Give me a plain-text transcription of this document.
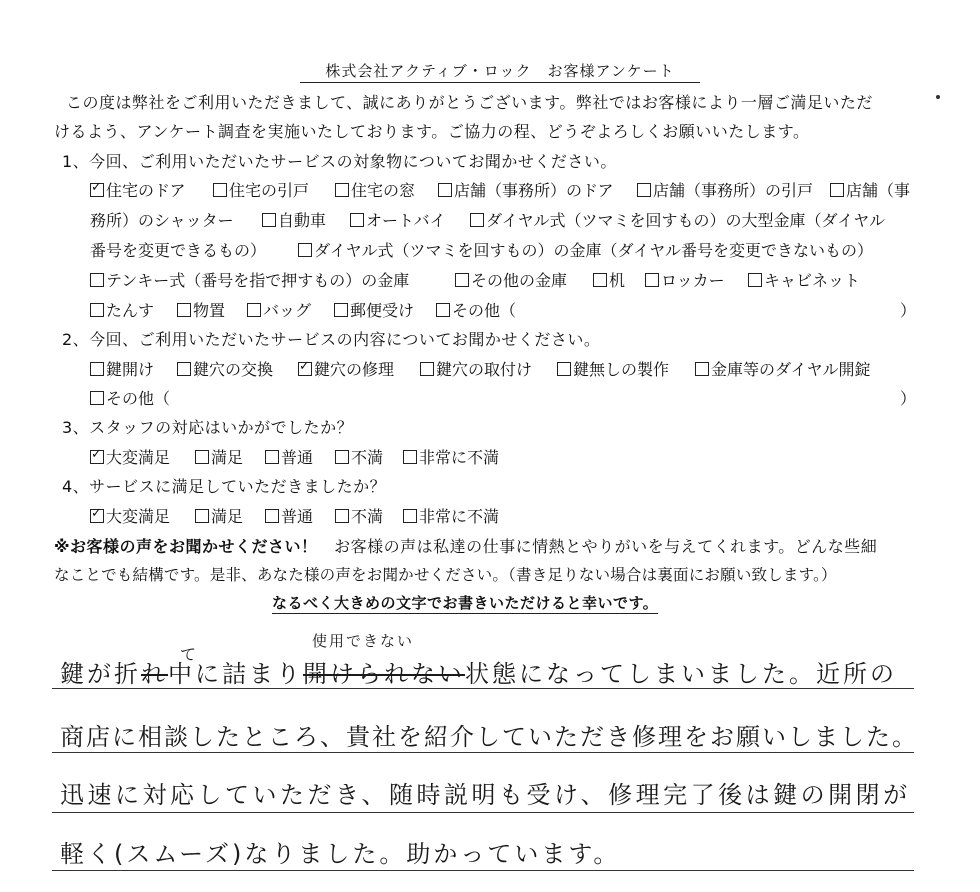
株式会社アクティブ・ロック　お客様アンケート
この度は弊社をご利用いただきまして、誠にありがとうございます。弊社ではお客様により一層ご満足いただ
けるよう、アンケート調査を実施いたしております。ご協力の程、どうぞよろしくお願いいたします。
1、今回、ご利用いただいたサービスの対象物についてお聞かせください。
✓住宅のドア	住宅の引戸	住宅の窓	店舗（事務所）のドア	店舗（事務所）の引戸	店舗（事
務所）のシャッター	自動車	オートバイ	ダイヤル式（ツマミを回すもの）の大型金庫（ダイヤル
番号を変更できるもの）	ダイヤル式（ツマミを回すもの）の金庫（ダイヤル番号を変更できないもの）
テンキー式（番号を指で押すもの）の金庫	その他の金庫	机	ロッカー	キャビネット
たんす	物置	バッグ	郵便受け	その他（	）
2、今回、ご利用いただいたサービスの内容についてお聞かせください。
鍵開け	鍵穴の交換
✓	鍵穴の修理	鍵穴の取付け	鍵無しの製作	金庫等のダイヤル開錠
その他（	）
3、スタッフの対応はいかがでしたか？
✓大変満足	満足	普通	不満	非常に不満
4、サービスに満足していただきましたか？
✓大変満足	満足	普通	不満	非常に不満
※お客様の声をお聞かせください！　 お客様の声は私達の仕事に情熱とやりがいを与えてくれます。どんな些細
なことでも結構です。是非、あなた様の声をお聞かせください。（書き足りない場合は裏面にお願い致します。）
なるべく大きめの文字でお書きいただけると幸いです。
使用できない
て
鍵が折れ中に詰まり開けられない状態になってしまいました。近所の
商店に相談したところ、貴社を紹介していただき修理をお願いしました。
迅速に対応していただき、随時説明も受け、修理完了後は鍵の開閉が
軽く(スムーズ)なりました。助かっています。
